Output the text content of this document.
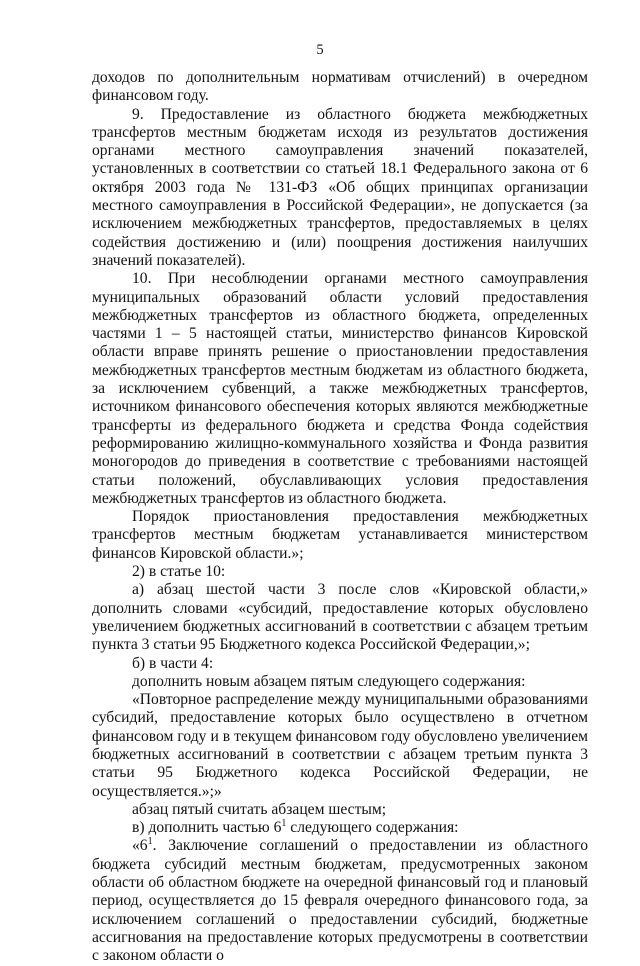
5

доходов по дополнительным нормативам отчислений) в очередном финансовом году.

9. Предоставление из областного бюджета межбюджетных трансфертов местным бюджетам исходя из результатов достижения органами местного самоуправления значений показателей, установленных в соответствии со статьей 18.1 Федерального закона от 6 октября 2003 года № 131-ФЗ «Об общих принципах организации местного самоуправления в Российской Федерации», не допускается (за исключением межбюджетных трансфертов, предоставляемых в целях содействия достижению и (или) поощрения достижения наилучших значений показателей).

10. При несоблюдении органами местного самоуправления муниципальных образований области условий предоставления межбюджетных трансфертов из областного бюджета, определенных частями 1 – 5 настоящей статьи, министерство финансов Кировской области вправе принять решение о приостановлении предоставления межбюджетных трансфертов местным бюджетам из областного бюджета, за исключением субвенций, а также межбюджетных трансфертов, источником финансового обеспечения которых являются межбюджетные трансферты из федерального бюджета и средства Фонда содействия реформированию жилищно-коммунального хозяйства и Фонда развития моногородов до приведения в соответствие с требованиями настоящей статьи положений, обуславливающих условия предоставления межбюджетных трансфертов из областного бюджета.

Порядок приостановления предоставления межбюджетных трансфертов местным бюджетам устанавливается министерством финансов Кировской области.»;

2) в статье 10:

а) абзац шестой части 3 после слов «Кировской области,» дополнить словами «субсидий, предоставление которых обусловлено увеличением бюджетных ассигнований в соответствии с абзацем третьим пункта 3 статьи 95 Бюджетного кодекса Российской Федерации,»;

б) в части 4:

дополнить новым абзацем пятым следующего содержания:

«Повторное распределение между муниципальными образованиями субсидий, предоставление которых было осуществлено в отчетном финансовом году и в текущем финансовом году обусловлено увеличением бюджетных ассигнований в соответствии с абзацем третьим пункта 3 статьи 95 Бюджетного кодекса Российской Федерации, не осуществляется.»;»

абзац пятый считать абзацем шестым;

в) дополнить частью $6^1$ следующего содержания:

«$6^1$. Заключение соглашений о предоставлении из областного бюджета субсидий местным бюджетам, предусмотренных законом области об областном бюджете на очередной финансовый год и плановый период, осуществляется до 15 февраля очередного финансового года, за исключением соглашений о предоставлении субсидий, бюджетные ассигнования на предоставление которых предусмотрены в соответствии с законом области о
